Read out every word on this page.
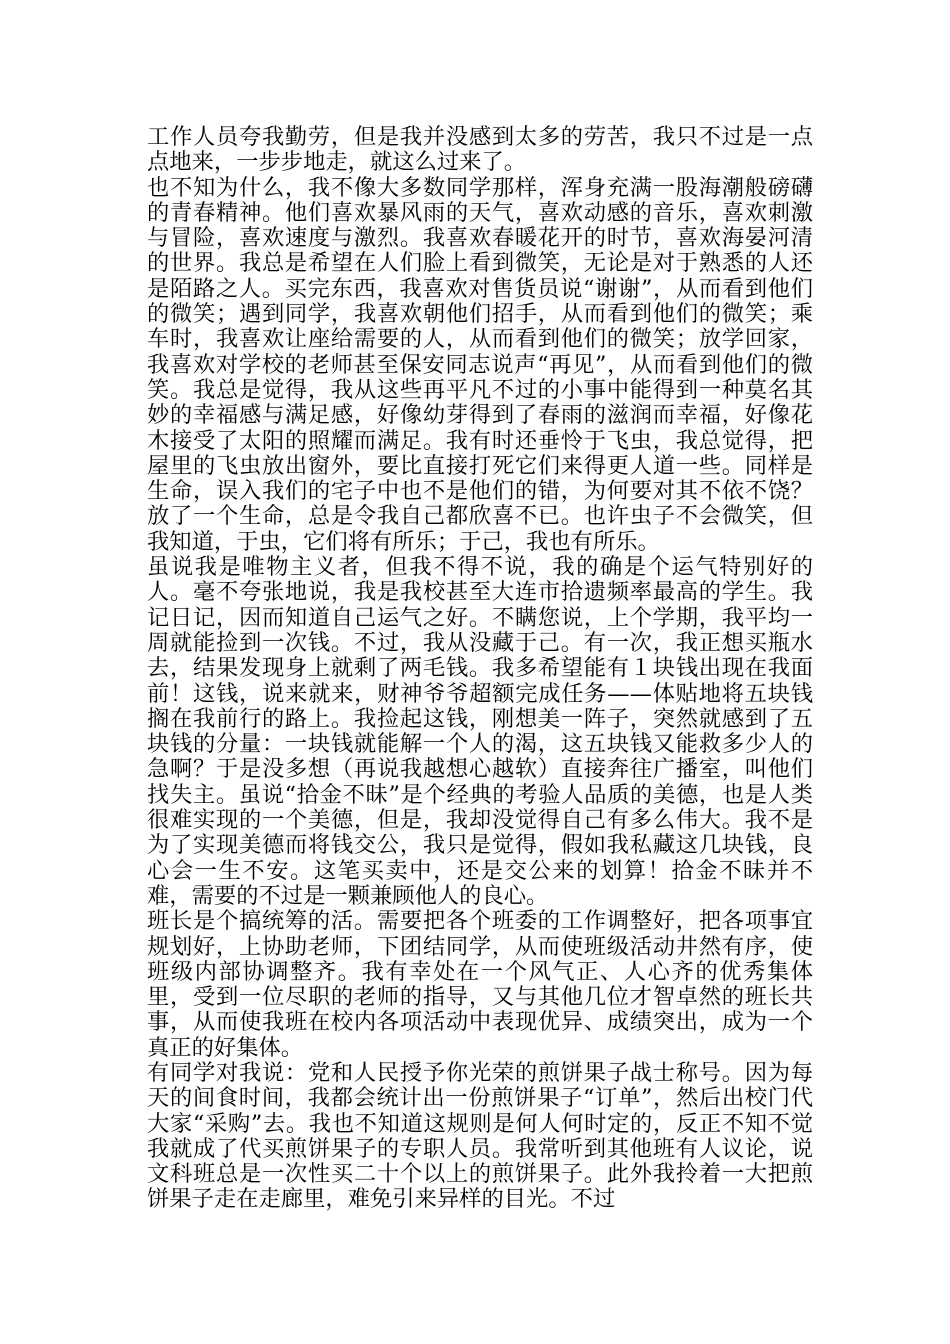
工作人员夸我勤劳，但是我并没感到太多的劳苦，我只不过是一点点地来，一步步地走，就这么过来了。

也不知为什么，我不像大多数同学那样，浑身充满一股海潮般磅礴的青春精神。他们喜欢暴风雨的天气，喜欢动感的音乐，喜欢刺激与冒险，喜欢速度与激烈。我喜欢春暖花开的时节，喜欢海晏河清的世界。我总是希望在人们脸上看到微笑，无论是对于熟悉的人还是陌路之人。买完东西，我喜欢对售货员说“谢谢”，从而看到他们的微笑；遇到同学，我喜欢朝他们招手，从而看到他们的微笑；乘车时，我喜欢让座给需要的人，从而看到他们的微笑；放学回家，我喜欢对学校的老师甚至保安同志说声“再见”，从而看到他们的微笑。我总是觉得，我从这些再平凡不过的小事中能得到一种莫名其妙的幸福感与满足感，好像幼芽得到了春雨的滋润而幸福，好像花木接受了太阳的照耀而满足。我有时还垂怜于飞虫，我总觉得，把屋里的飞虫放出窗外，要比直接打死它们来得更人道一些。同样是生命，误入我们的宅子中也不是他们的错，为何要对其不依不饶？放了一个生命，总是令我自己都欣喜不已。也许虫子不会微笑，但我知道，于虫，它们将有所乐；于己，我也有所乐。

虽说我是唯物主义者，但我不得不说，我的确是个运气特别好的人。毫不夸张地说，我是我校甚至大连市拾遗频率最高的学生。我记日记，因而知道自己运气之好。不瞒您说，上个学期，我平均一周就能捡到一次钱。不过，我从没藏于己。有一次，我正想买瓶水去，结果发现身上就剩了两毛钱。我多希望能有１块钱出现在我面前！这钱，说来就来，财神爷爷超额完成任务——体贴地将五块钱搁在我前行的路上。我捡起这钱，刚想美一阵子，突然就感到了五块钱的分量：一块钱就能解一个人的渴，这五块钱又能救多少人的急啊？于是没多想（再说我越想心越软）直接奔往广播室，叫他们找失主。虽说“拾金不昧”是个经典的考验人品质的美德，也是人类很难实现的一个美德，但是，我却没觉得自己有多么伟大。我不是为了实现美德而将钱交公，我只是觉得，假如我私藏这几块钱，良心会一生不安。这笔买卖中，还是交公来的划算！拾金不昧并不难，需要的不过是一颗兼顾他人的良心。

班长是个搞统筹的活。需要把各个班委的工作调整好，把各项事宜规划好，上协助老师，下团结同学，从而使班级活动井然有序，使班级内部协调整齐。我有幸处在一个风气正、人心齐的优秀集体里，受到一位尽职的老师的指导，又与其他几位才智卓然的班长共事，从而使我班在校内各项活动中表现优异、成绩突出，成为一个真正的好集体。

有同学对我说：党和人民授予你光荣的煎饼果子战士称号。因为每天的间食时间，我都会统计出一份煎饼果子“订单”，然后出校门代大家“采购”去。我也不知道这规则是何人何时定的，反正不知不觉我就成了代买煎饼果子的专职人员。我常听到其他班有人议论，说文科班总是一次性买二十个以上的煎饼果子。此外我拎着一大把煎饼果子走在走廊里，难免引来异样的目光。不过
